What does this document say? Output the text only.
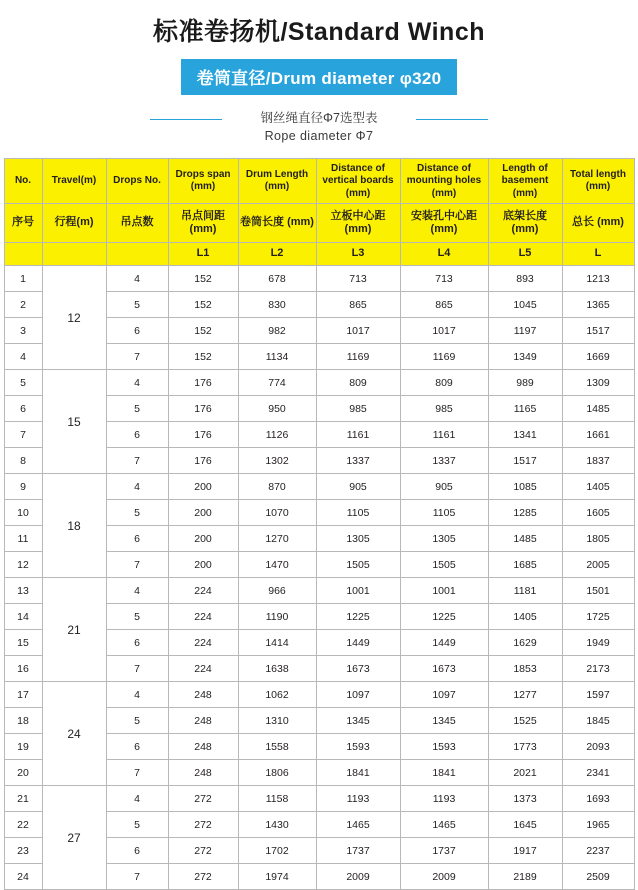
标准卷扬机/Standard Winch
卷筒直径/Drum diameter φ320
钢丝绳直径Φ7选型表
Rope diameter Φ7
No.	Travel(m)	Drops No.	Drops span (mm)	Drum Length (mm)	Distance of vertical boards (mm)	Distance of mounting holes (mm)	Length of basement (mm)	Total length (mm)
序号	行程(m)	吊点数	吊点间距 (mm)	卷筒长度 (mm)	立板中心距 (mm)	安装孔中心距 (mm)	底架长度 (mm)	总长 (mm)
			L1	L2	L3	L4	L5	L
1	12	4	152	678	713	713	893	1213
2		5	152	830	865	865	1045	1365
3		6	152	982	1017	1017	1197	1517
4		7	152	1134	1169	1169	1349	1669
5	15	4	176	774	809	809	989	1309
6		5	176	950	985	985	1165	1485
7		6	176	1126	1161	1161	1341	1661
8		7	176	1302	1337	1337	1517	1837
9	18	4	200	870	905	905	1085	1405
10		5	200	1070	1105	1105	1285	1605
11		6	200	1270	1305	1305	1485	1805
12		7	200	1470	1505	1505	1685	2005
13	21	4	224	966	1001	1001	1181	1501
14		5	224	1190	1225	1225	1405	1725
15		6	224	1414	1449	1449	1629	1949
16		7	224	1638	1673	1673	1853	2173
17	24	4	248	1062	1097	1097	1277	1597
18		5	248	1310	1345	1345	1525	1845
19		6	248	1558	1593	1593	1773	2093
20		7	248	1806	1841	1841	2021	2341
21	27	4	272	1158	1193	1193	1373	1693
22		5	272	1430	1465	1465	1645	1965
23		6	272	1702	1737	1737	1917	2237
24		7	272	1974	2009	2009	2189	2509
